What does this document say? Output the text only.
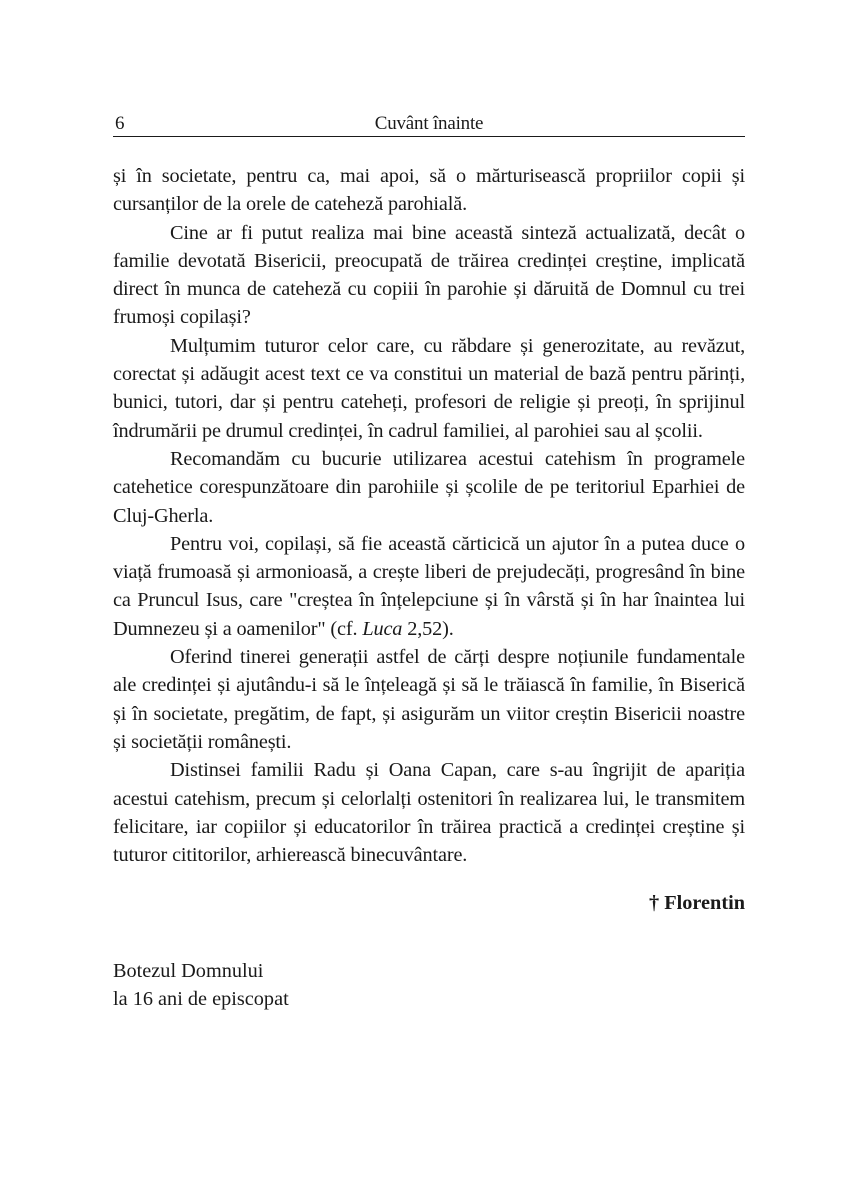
6	Cuvânt înainte

și în societate, pentru ca, mai apoi, să o mărturisească propriilor copii și cursanților de la orele de cateheză parohială.

Cine ar fi putut realiza mai bine această sinteză actualizată, decât o familie devotată Bisericii, preocupată de trăirea credinței creștine, implicată direct în munca de cateheză cu copiii în parohie și dăruită de Domnul cu trei frumoși copilași?

Mulțumim tuturor celor care, cu răbdare și generozitate, au revăzut, corectat și adăugit acest text ce va constitui un material de bază pentru părinți, bunici, tutori, dar și pentru cateheți, profesori de religie și preoți, în sprijinul îndrumării pe drumul credinței, în cadrul familiei, al parohiei sau al școlii.

Recomandăm cu bucurie utilizarea acestui catehism în programele catehetice corespunzătoare din parohiile și școlile de pe teritoriul Eparhiei de Cluj-Gherla.

Pentru voi, copilași, să fie această cărticică un ajutor în a putea duce o viață frumoasă și armonioasă, a crește liberi de prejudecăți, progresând în bine ca Pruncul Isus, care "creștea în înțelepciune și în vârstă și în har înaintea lui Dumnezeu și a oamenilor" (cf. Luca 2,52).

Oferind tinerei generații astfel de cărți despre noțiunile fundamentale ale credinței și ajutându-i să le înțeleagă și să le trăiască în familie, în Biserică și în societate, pregătim, de fapt, și asigurăm un viitor creștin Bisericii noastre și societății românești.

Distinsei familii Radu și Oana Capan, care s-au îngrijit de apariția acestui catehism, precum și celorlalți ostenitori în realizarea lui, le transmitem felicitare, iar copiilor și educatorilor în trăirea practică a credinței creștine și tuturor cititorilor, arhierească binecuvântare.

† Florentin
Botezul Domnului
la 16 ani de episcopat
